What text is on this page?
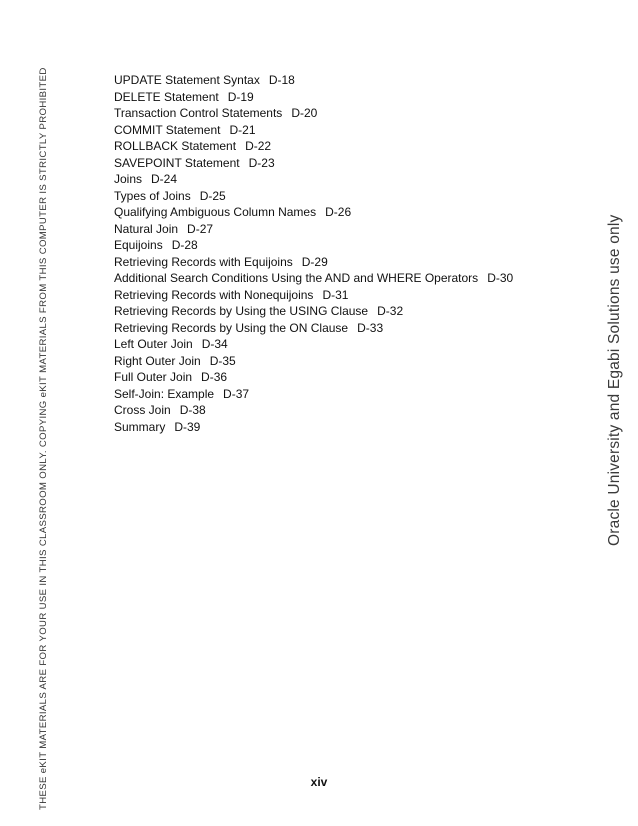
THESE eKIT MATERIALS ARE FOR YOUR USE IN THIS CLASSROOM ONLY. COPYING eKIT MATERIALS FROM THIS COMPUTER IS STRICTLY PROHIBITED	Oracle University and Egabi Solutions use only
UPDATE Statement Syntax D-18
DELETE Statement D-19
Transaction Control Statements D-20
COMMIT Statement D-21
ROLLBACK Statement D-22
SAVEPOINT Statement D-23
Joins D-24
Types of Joins D-25
Qualifying Ambiguous Column Names D-26
Natural Join D-27
Equijoins D-28
Retrieving Records with Equijoins D-29
Additional Search Conditions Using the AND and WHERE Operators D-30
Retrieving Records with Nonequijoins D-31
Retrieving Records by Using the USING Clause D-32
Retrieving Records by Using the ON Clause D-33
Left Outer Join D-34
Right Outer Join D-35
Full Outer Join D-36
Self-Join: Example D-37
Cross Join D-38
Summary D-39
xiv
